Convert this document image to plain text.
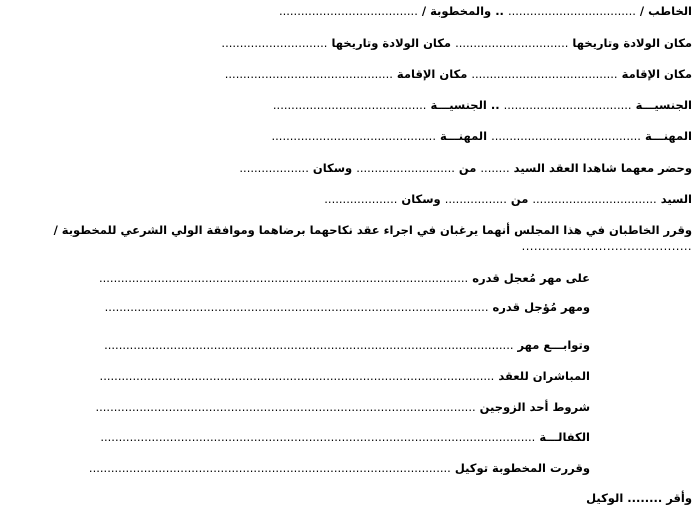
الخاطب / ................................... .. والمخطوبة / ......................................
مكان الولادة وتاريخها ............................... مكان الولادة وتاريخها .............................
مكان الإقامة ........................................ مكان الإقامة ..............................................
الجنسيـــة ................................... .. الجنسيـــة ..........................................
المهنـــة ......................................... المهنـــة .............................................
وحضر معهما شاهدا العقد السيد ........ من ........................... وسكان ...................
السيد .................................. من ................. وسكان ....................
وقرر الخاطبان في هذا المجلس أنهما يرغبان في اجراء عقد نكاحهما برضاهما وموافقة الولي الشرعي للمخطوبة /
..........................................
على مهر مُعجل قدره .....................................................................................................
ومهر مُؤجل قدره .........................................................................................................
وتوابـــع مهر ................................................................................................................
المباشران للعقد ............................................................................................................
شروط أحد الزوجين ........................................................................................................
الكفالـــة .......................................................................................................................
وقررت المخطوبة توكيل ...................................................................................................
وأقر ........ الوكيل
